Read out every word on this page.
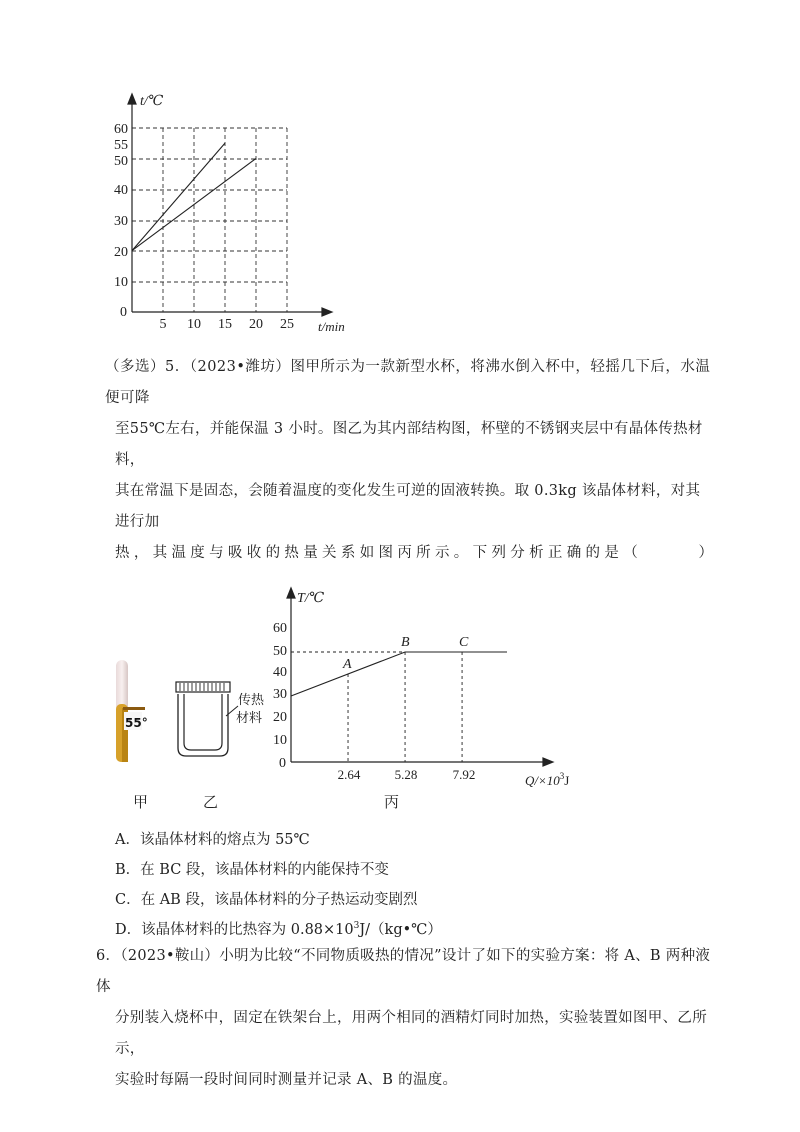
t/℃
t/min
0
10
20
30
40
50
55
60
5 10 15 20 25

（多选）5．（2023•潍坊）图甲所示为一款新型水杯，将沸水倒入杯中，轻摇几下后，水温便可降

至55℃左右，并能保温 3 小时。图乙为其内部结构图，杯壁的不锈钢夹层中有晶体传热材料，

其在常温下是固态，会随着温度的变化发生可逆的固液转换。取 0.3kg 该晶体材料，对其进行加

热，其温度与吸收的热量关系如图丙所示。下列分析正确的是（　　　）

55°
传热
材料
T/℃
$Q/\times 10^3J$
0
10
20
30
40
50
60
2.64	5.28	7.92
A
B	C
甲	乙	丙
A．该晶体材料的熔点为 55℃
B．在 BC 段，该晶体材料的内能保持不变
C．在 AB 段，该晶体材料的分子热运动变剧烈
D．该晶体材料的比热容为 $0.88\times 10^3J/(kg•℃)$

6．（2023•鞍山）小明为比较“不同物质吸热的情况”设计了如下的实验方案：将 A、B 两种液体

分别装入烧杯中，固定在铁架台上，用两个相同的酒精灯同时加热，实验装置如图甲、乙所示，

实验时每隔一段时间同时测量并记录 A、B 的温度。
